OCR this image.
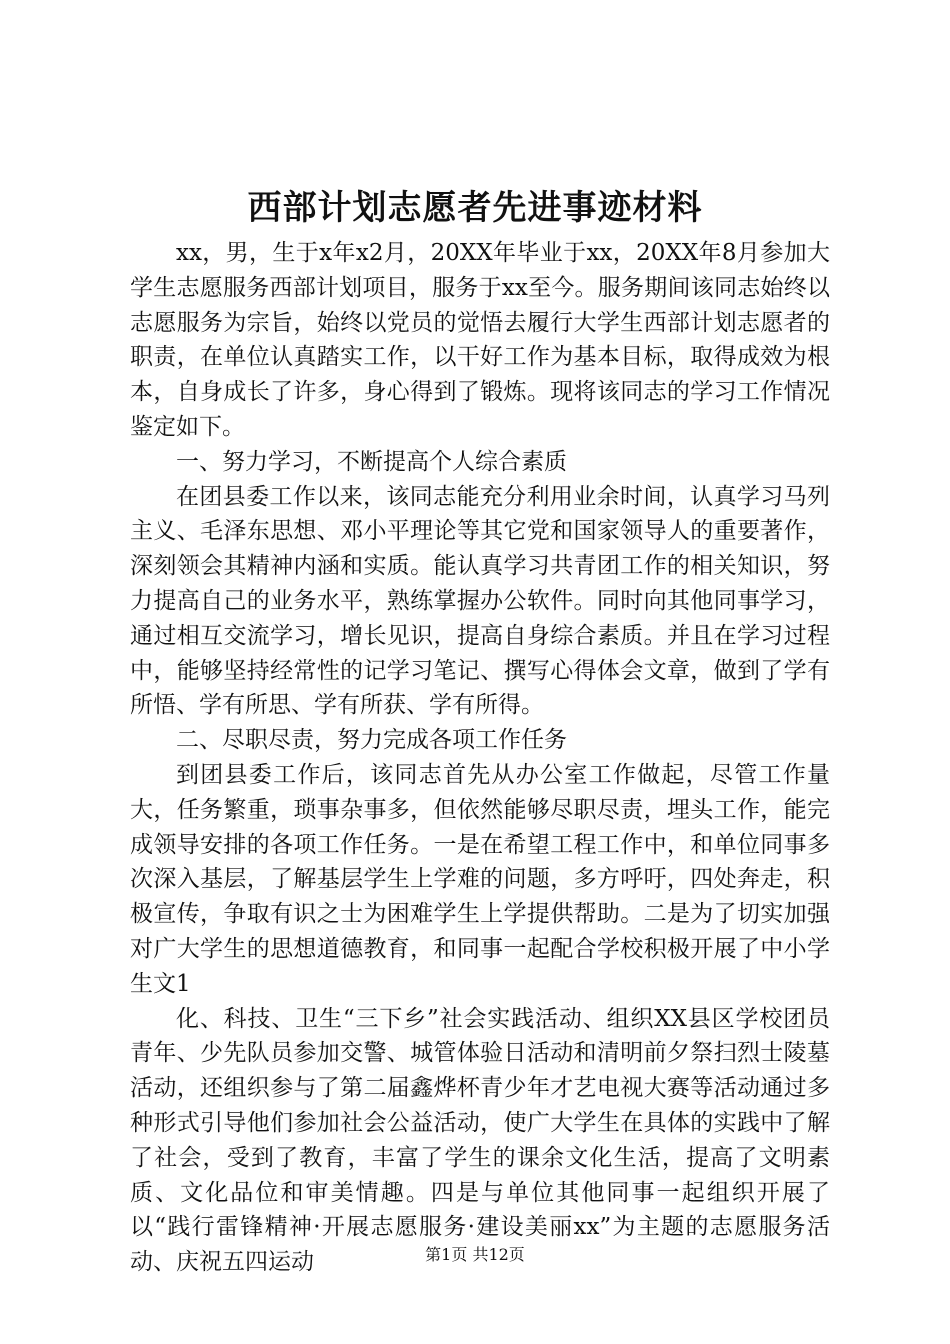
西部计划志愿者先进事迹材料

xx，男，生于x年x2月，20XX年毕业于xx，20XX年8月参加大学生志愿服务西部计划项目，服务于xx至今。服务期间该同志始终以志愿服务为宗旨，始终以党员的觉悟去履行大学生西部计划志愿者的职责，在单位认真踏实工作，以干好工作为基本目标，取得成效为根本，自身成长了许多，身心得到了锻炼。现将该同志的学习工作情况鉴定如下。

一、努力学习，不断提高个人综合素质

在团县委工作以来，该同志能充分利用业余时间，认真学习马列主义、毛泽东思想、邓小平理论等其它党和国家领导人的重要著作，深刻领会其精神内涵和实质。能认真学习共青团工作的相关知识，努力提高自己的业务水平，熟练掌握办公软件。同时向其他同事学习，通过相互交流学习，增长见识，提高自身综合素质。并且在学习过程中，能够坚持经常性的记学习笔记、撰写心得体会文章，做到了学有所悟、学有所思、学有所获、学有所得。

二、尽职尽责，努力完成各项工作任务

到团县委工作后，该同志首先从办公室工作做起，尽管工作量大，任务繁重，琐事杂事多，但依然能够尽职尽责，埋头工作，能完成领导安排的各项工作任务。一是在希望工程工作中，和单位同事多次深入基层，了解基层学生上学难的问题，多方呼吁，四处奔走，积极宣传，争取有识之士为困难学生上学提供帮助。二是为了切实加强对广大学生的思想道德教育，和同事一起配合学校积极开展了中小学生文1

化、科技、卫生“三下乡”社会实践活动、组织XX县区学校团员青年、少先队员参加交警、城管体验日活动和清明前夕祭扫烈士陵墓活动，还组织参与了第二届鑫烨杯青少年才艺电视大赛等活动通过多种形式引导他们参加社会公益活动，使广大学生在具体的实践中了解了社会，受到了教育，丰富了学生的课余文化生活，提高了文明素质、文化品位和审美情趣。四是与单位其他同事一起组织开展了以“践行雷锋精神·开展志愿服务·建设美丽xx”为主题的志愿服务活动、庆祝五四运动	第1页 共12页
